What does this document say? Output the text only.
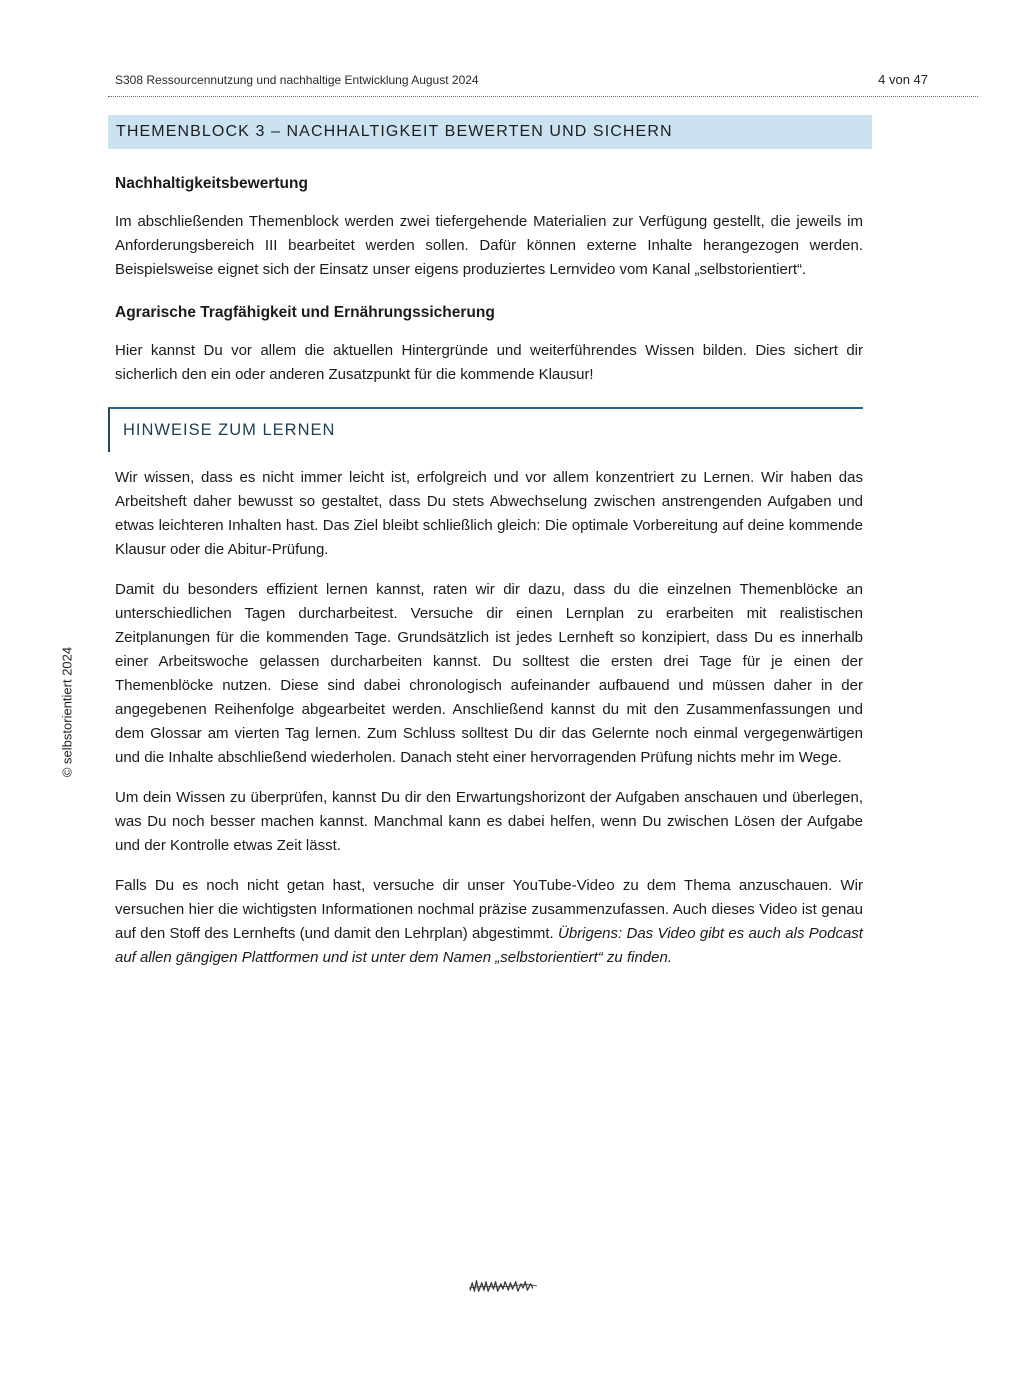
S308 Ressourcennutzung und nachhaltige Entwicklung August 2024	4 von 47
THEMENBLOCK 3 – NACHHALTIGKEIT BEWERTEN UND SICHERN
Nachhaltigkeitsbewertung

Im abschließenden Themenblock werden zwei tiefergehende Materialien zur Verfügung gestellt, die jeweils im Anforderungsbereich III bearbeitet werden sollen. Dafür können externe Inhalte herangezogen werden. Beispielsweise eignet sich der Einsatz unser eigens produziertes Lernvideo vom Kanal „selbstorientiert“.

Agrarische Tragfähigkeit und Ernährungssicherung

Hier kannst Du vor allem die aktuellen Hintergründe und weiterführendes Wissen bilden. Dies sichert dir sicherlich den ein oder anderen Zusatzpunkt für die kommende Klausur!

HINWEISE ZUM LERNEN

Wir wissen, dass es nicht immer leicht ist, erfolgreich und vor allem konzentriert zu Lernen. Wir haben das Arbeitsheft daher bewusst so gestaltet, dass Du stets Abwechselung zwischen anstrengenden Aufgaben und etwas leichteren Inhalten hast. Das Ziel bleibt schließlich gleich: Die optimale Vorbereitung auf deine kommende Klausur oder die Abitur-Prüfung.

Damit du besonders effizient lernen kannst, raten wir dir dazu, dass du die einzelnen Themenblöcke an unterschiedlichen Tagen durcharbeitest. Versuche dir einen Lernplan zu erarbeiten mit realistischen Zeitplanungen für die kommenden Tage. Grundsätzlich ist jedes Lernheft so konzipiert, dass Du es innerhalb einer Arbeitswoche gelassen durcharbeiten kannst. Du solltest die ersten drei Tage für je einen der Themenblöcke nutzen. Diese sind dabei chronologisch aufeinander aufbauend und müssen daher in der angegebenen Reihenfolge abgearbeitet werden. Anschließend kannst du mit den Zusammenfassungen und dem Glossar am vierten Tag lernen. Zum Schluss solltest Du dir das Gelernte noch einmal vergegenwärtigen und die Inhalte abschließend wiederholen. Danach steht einer hervorragenden Prüfung nichts mehr im Wege.

Um dein Wissen zu überprüfen, kannst Du dir den Erwartungshorizont der Aufgaben anschauen und überlegen, was Du noch besser machen kannst. Manchmal kann es dabei helfen, wenn Du zwischen Lösen der Aufgabe und der Kontrolle etwas Zeit lässt.

Falls Du es noch nicht getan hast, versuche dir unser YouTube-Video zu dem Thema anzuschauen. Wir versuchen hier die wichtigsten Informationen nochmal präzise zusammenzufassen. Auch dieses Video ist genau auf den Stoff des Lernhefts (und damit den Lehrplan) abgestimmt. Übrigens: Das Video gibt es auch als Podcast auf allen gängigen Plattformen und ist unter dem Namen „selbstorientiert“ zu finden.

© selbstorientiert 2024
